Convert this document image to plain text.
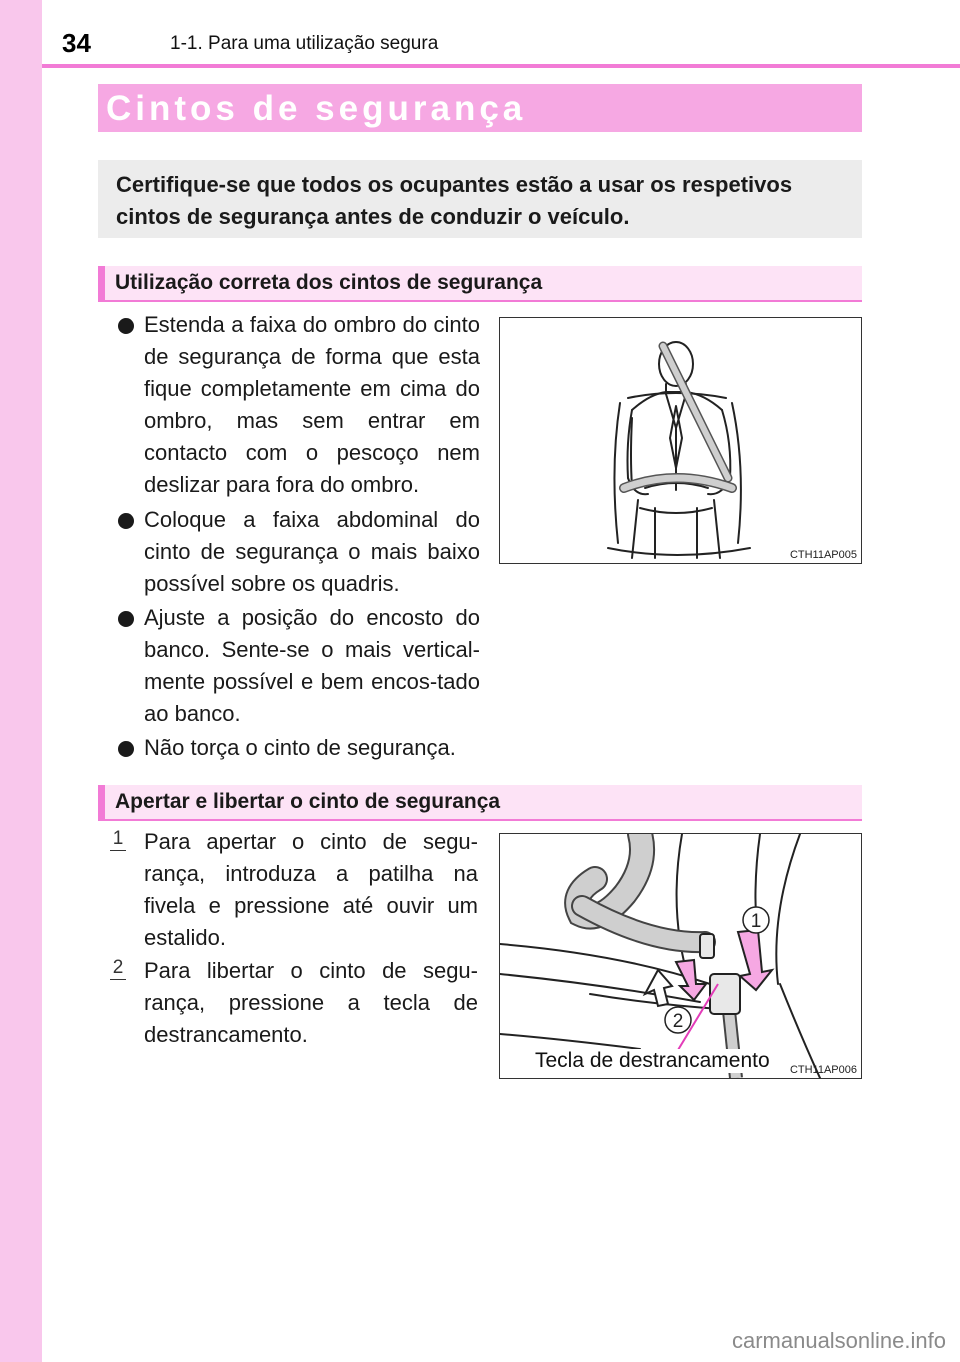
34	1-1. Para uma utilização segura
Cintos de segurança
Certifique-se que todos os ocupantes estão a usar os respetivos cintos de segurança antes de conduzir o veículo.
Utilização correta dos cintos de segurança
Estenda a faixa do ombro do cinto de segurança de forma que esta fique completamente em cima do ombro, mas sem entrar em contacto com o pescoço nem deslizar para fora do ombro.
Coloque a faixa abdominal do cinto de segurança o mais baixo possível sobre os quadris.
Ajuste a posição do encosto do banco. Sente-se o mais vertical-mente possível e bem encos-tado ao banco.
Não torça o cinto de segurança.
CTH11AP005
Apertar e libertar o cinto de segurança
1 Para apertar o cinto de segu-rança, introduza a patilha na fivela e pressione até ouvir um estalido.
2 Para libertar o cinto de segu-rança, pressione a tecla de destrancamento.
1
2
Tecla de destrancamento CTH11AP006
carmanualsonline.info
